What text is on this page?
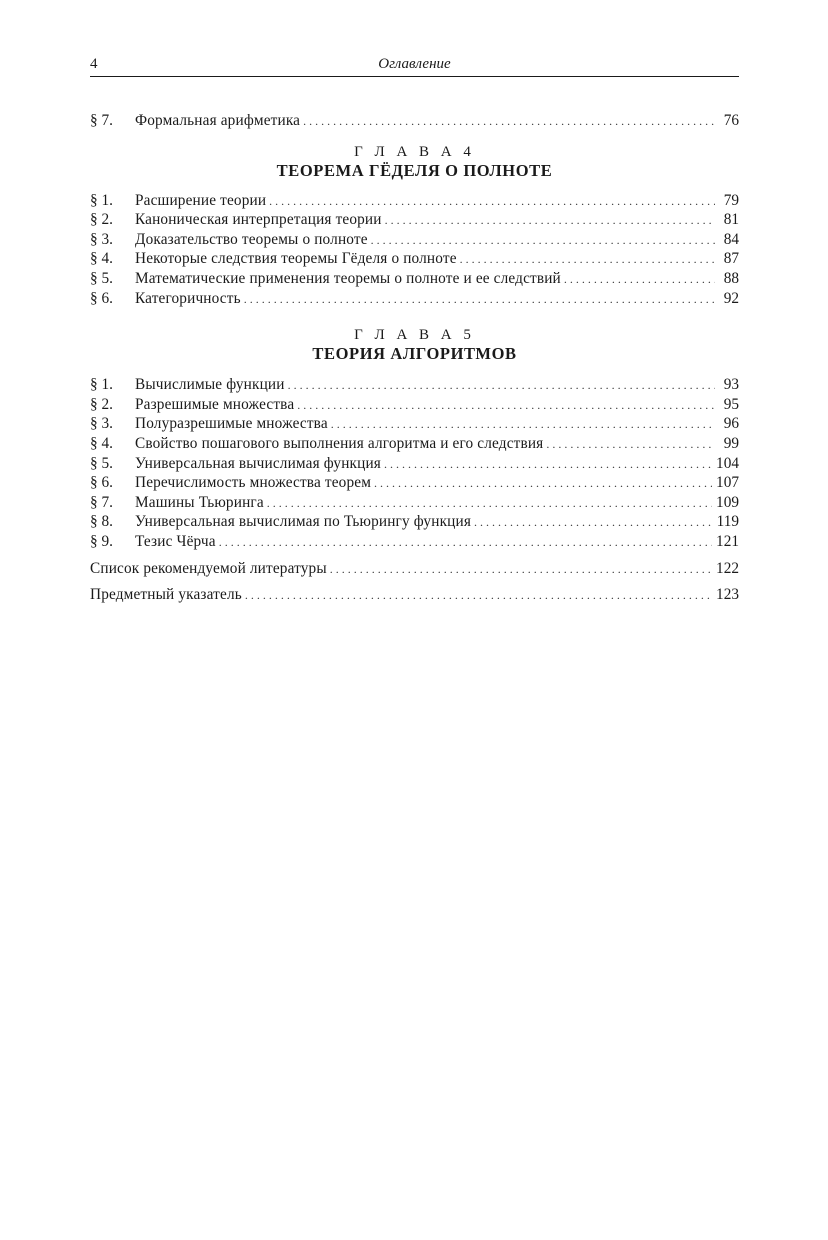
4	Оглавление
§ 7.	Формальная арифметика . . .	76
Г Л А В А 4
ТЕОРЕМА ГЁДЕЛЯ О ПОЛНОТЕ
§ 1.	Расширение теории . . .	79
§ 2.	Каноническая интерпретация теории . . .	81
§ 3.	Доказательство теоремы о полноте . . .	84
§ 4.	Некоторые следствия теоремы Гёделя о полноте . . .	87
§ 5.	Математические применения теоремы о полноте и ее следствий . . .	88
§ 6.	Категоричность . . .	92
Г Л А В А 5
ТЕОРИЯ АЛГОРИТМОВ
§ 1.	Вычислимые функции . . .	93
§ 2.	Разрешимые множества . . .	95
§ 3.	Полуразрешимые множества . . .	96
§ 4.	Свойство пошагового выполнения алгоритма и его следствия . . .	99
§ 5.	Универсальная вычислимая функция . . .	104
§ 6.	Перечислимость множества теорем . . .	107
§ 7.	Машины Тьюринга . . .	109
§ 8.	Универсальная вычислимая по Тьюрингу функция . . .	119
§ 9.	Тезис Чёрча . . .	121
Список рекомендуемой литературы . . .	122
Предметный указатель . . .	123
